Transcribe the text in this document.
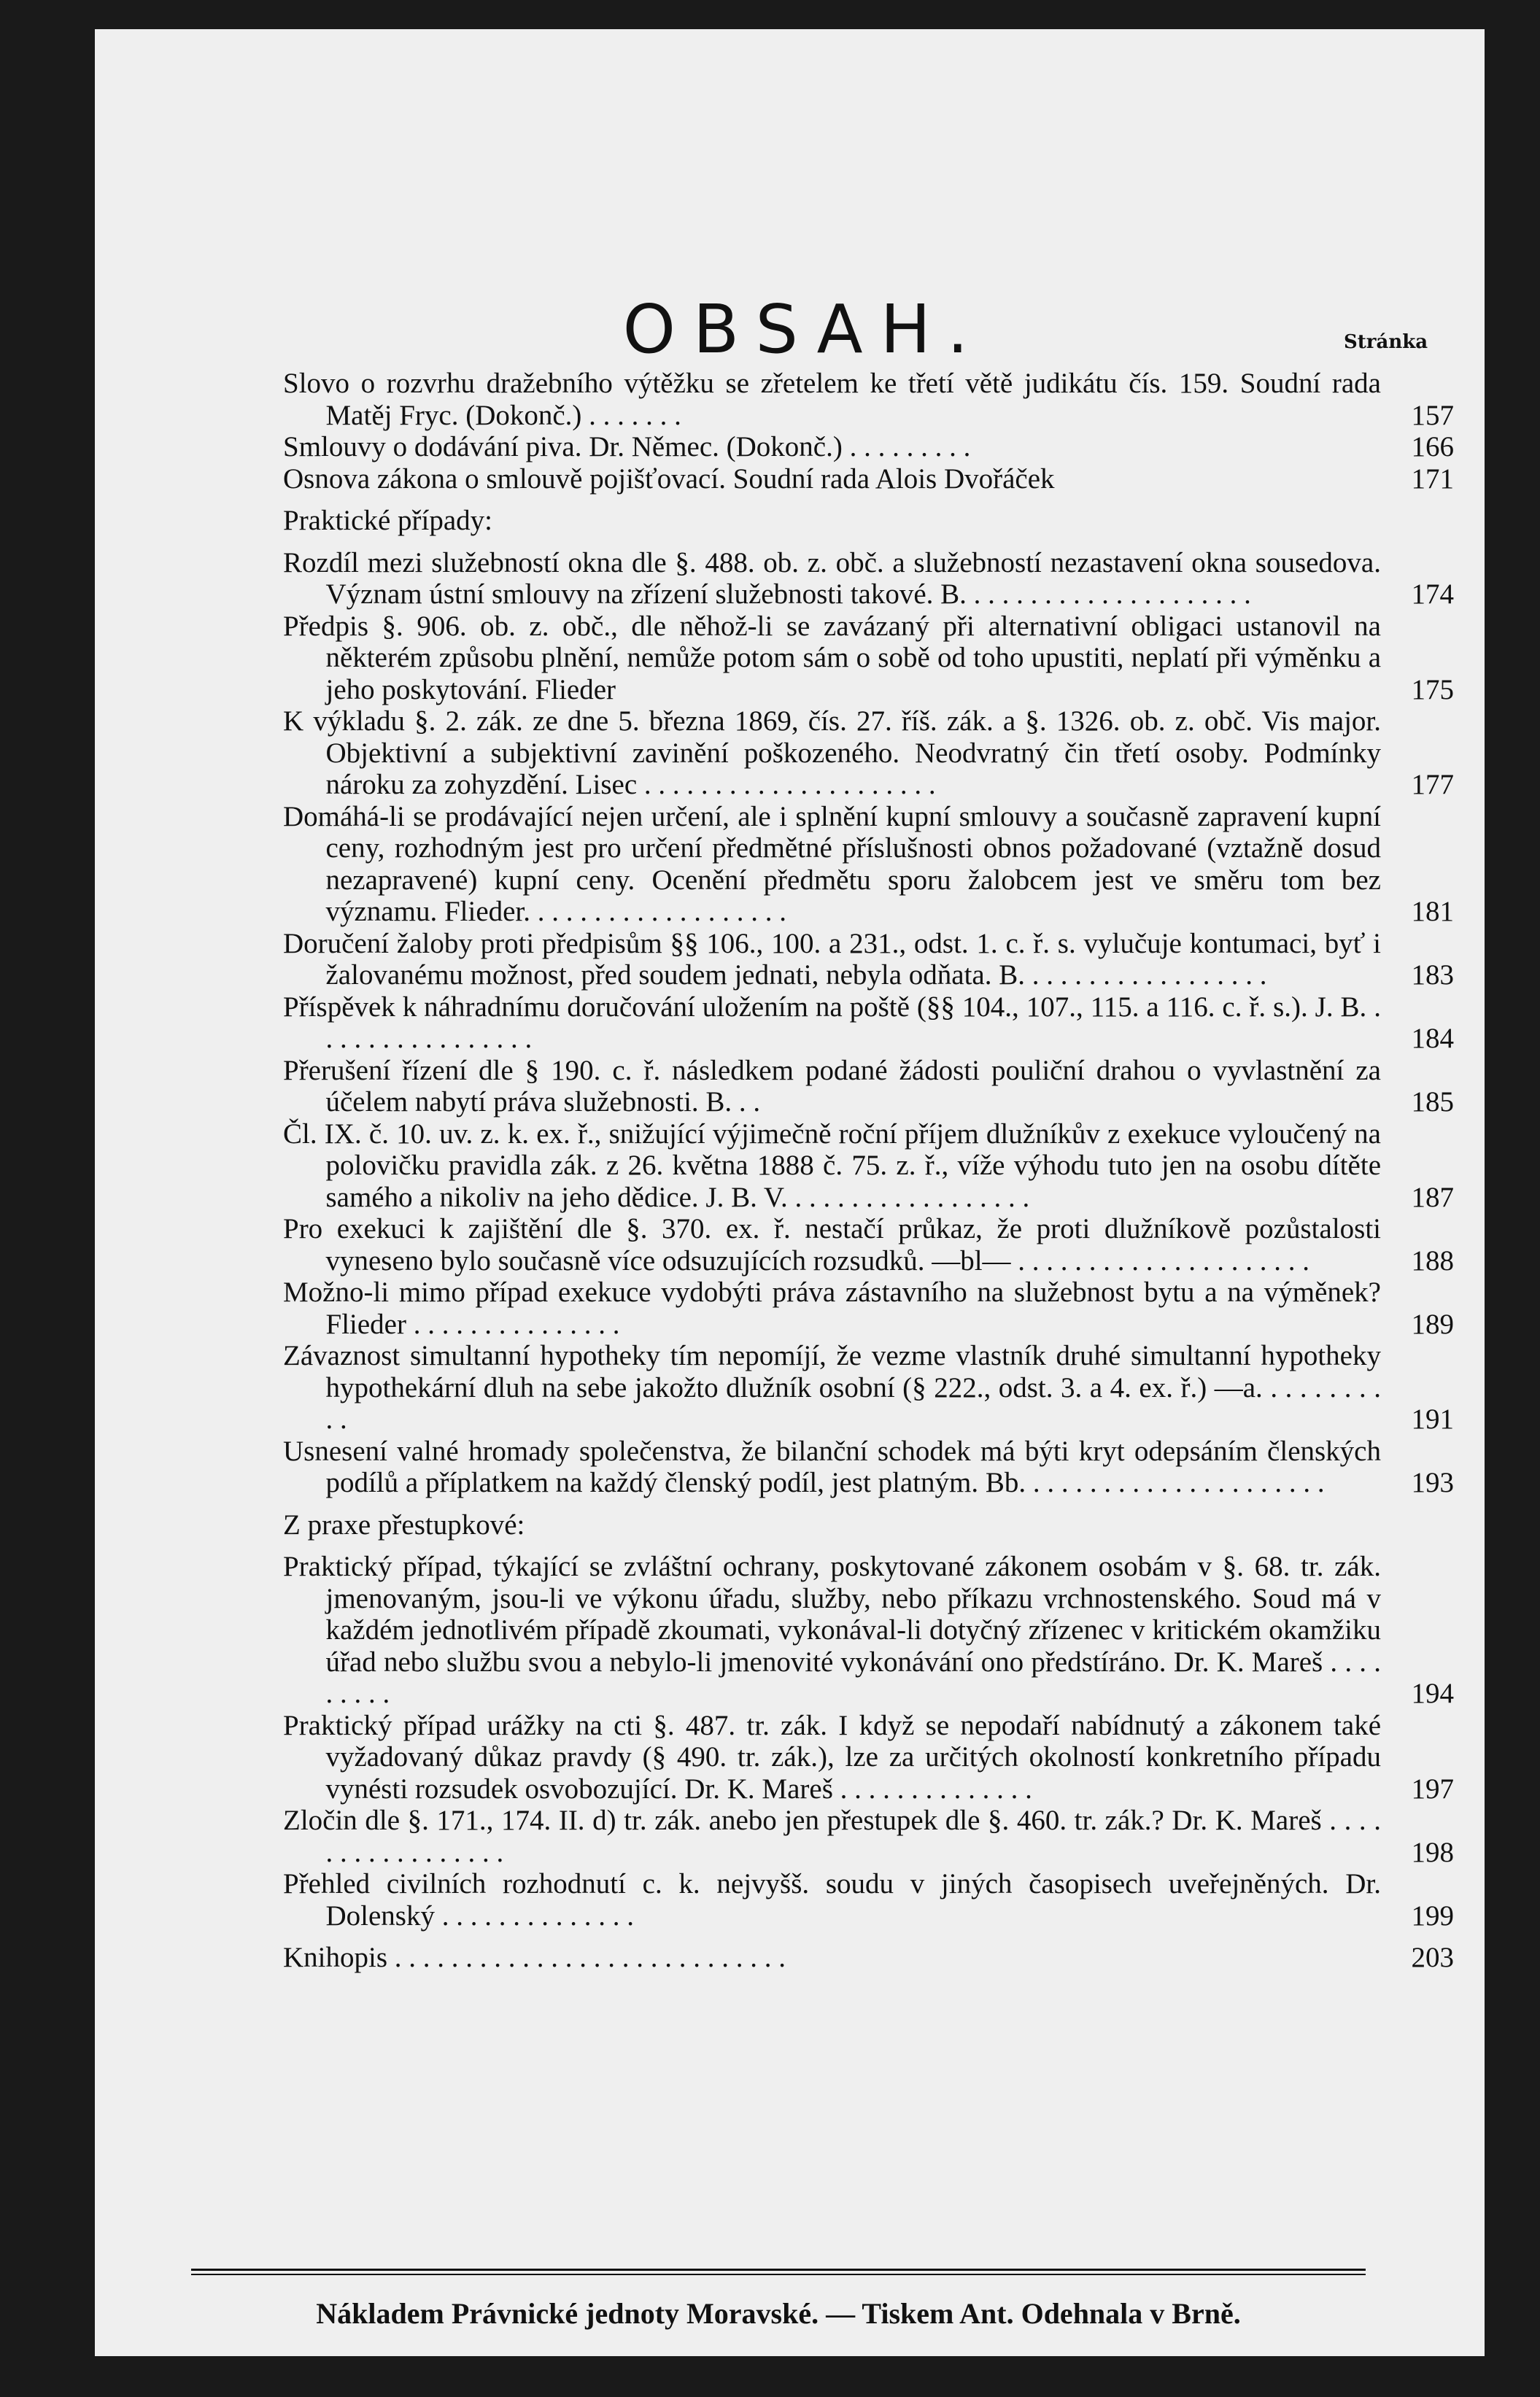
OBSAH.	Stránka
Slovo o rozvrhu dražebního výtěžku se zřetelem ke třetí větě judikátu čís. 159. Soudní rada Matěj Fryc. (Dokonč.) . . . . . . .	157
Smlouvy o dodávání piva. Dr. Němec. (Dokonč.) . . . . . . . . .	166
Osnova zákona o smlouvě pojišťovací. Soudní rada Alois Dvořáček	171
Praktické případy:
Rozdíl mezi služebností okna dle §. 488. ob. z. obč. a služebností nezastavení okna sousedova. Význam ústní smlouvy na zřízení služebnosti takové. B. . . . . . . . . . . . . . . . . . . . .	174
Předpis §. 906. ob. z. obč., dle něhož-li se zavázaný při alternativní obligaci ustanovil na některém způsobu plnění, nemůže potom sám o sobě od toho upustiti, neplatí při výměnku a jeho poskytování. Flieder	175
K výkladu §. 2. zák. ze dne 5. března 1869, čís. 27. říš. zák. a §. 1326. ob. z. obč. Vis major. Objektivní a subjektivní zavinění poškozeného. Neodvratný čin třetí osoby. Podmínky nároku za zohyzdění. Lisec . . . . . . . . . . . . . . . . . . . . .	177
Domáhá-li se prodávající nejen určení, ale i splnění kupní smlouvy a současně zapravení kupní ceny, rozhodným jest pro určení předmětné příslušnosti obnos požadované (vztažně dosud nezapravené) kupní ceny. Ocenění předmětu sporu žalobcem jest ve směru tom bez významu. Flieder. . . . . . . . . . . . . . . . . . .	181
Doručení žaloby proti předpisům §§ 106., 100. a 231., odst. 1. c. ř. s. vylučuje kontumaci, byť i žalovanému možnost, před soudem jednati, nebyla odňata. B. . . . . . . . . . . . . . . . . .	183
Příspěvek k náhradnímu doručování uložením na poště (§§ 104., 107., 115. a 116. c. ř. s.). J. B. . . . . . . . . . . . . . . . .	184
Přerušení řízení dle § 190. c. ř. následkem podané žádosti pouliční drahou o vyvlastnění za účelem nabytí práva služebnosti. B. . .	185
Čl. IX. č. 10. uv. z. k. ex. ř., snižující výjimečně roční příjem dlužníkův z exekuce vyloučený na polovičku pravidla zák. z 26. května 1888 č. 75. z. ř., víže výhodu tuto jen na osobu dítěte samého a nikoliv na jeho dědice. J. B. V. . . . . . . . . . . . . . . . . .	187
Pro exekuci k zajištění dle §. 370. ex. ř. nestačí průkaz, že proti dlužníkově pozůstalosti vyneseno bylo současně více odsuzujících rozsudků. —bl— . . . . . . . . . . . . . . . . . . . . .	188
Možno-li mimo případ exekuce vydobýti práva zástavního na služebnost bytu a na výměnek? Flieder . . . . . . . . . . . . . . .	189
Závaznost simultanní hypotheky tím nepomíjí, že vezme vlastník druhé simultanní hypotheky hypothekární dluh na sebe jakožto dlužník osobní (§ 222., odst. 3. a 4. ex. ř.) —a. . . . . . . . . . .	191
Usnesení valné hromady společenstva, že bilanční schodek má býti kryt odepsáním členských podílů a příplatkem na každý členský podíl, jest platným. Bb. . . . . . . . . . . . . . . . . . . . . .	193
Z praxe přestupkové:
Praktický případ, týkající se zvláštní ochrany, poskytované zákonem osobám v §. 68. tr. zák. jmenovaným, jsou-li ve výkonu úřadu, služby, nebo příkazu vrchnostenského. Soud má v každém jednotlivém případě zkoumati, vykonával-li dotyčný zřízenec v kritickém okamžiku úřad nebo službu svou a nebylo-li jmenovité vykonávání ono předstíráno. Dr. K. Mareš . . . . . . . . .	194
Praktický případ urážky na cti §. 487. tr. zák. I když se nepodaří nabídnutý a zákonem také vyžadovaný důkaz pravdy (§ 490. tr. zák.), lze za určitých okolností konkretního případu vynésti rozsudek osvobozující. Dr. K. Mareš . . . . . . . . . . . . . .	197
Zločin dle §. 171., 174. II. d) tr. zák. anebo jen přestupek dle §. 460. tr. zák.? Dr. K. Mareš . . . . . . . . . . . . . . . . .	198
Přehled civilních rozhodnutí c. k. nejvyšš. soudu v jiných časopisech uveřejněných. Dr. Dolenský . . . . . . . . . . . . . .	199
Knihopis . . . . . . . . . . . . . . . . . . . . . . . . . . . .	203
Nákladem Právnické jednoty Moravské. — Tiskem Ant. Odehnala v Brně.
